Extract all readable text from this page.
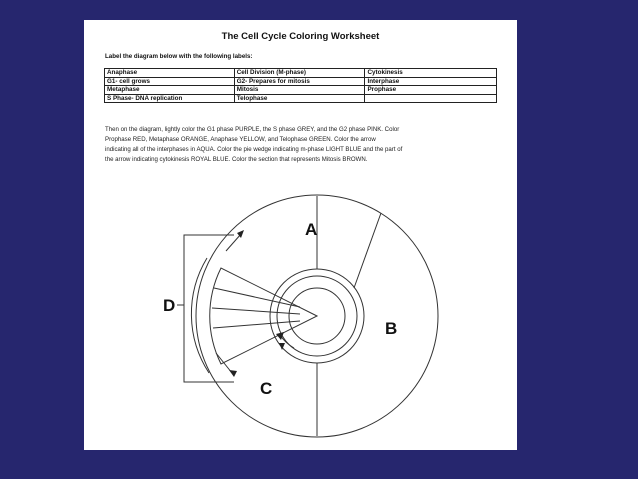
The Cell Cycle Coloring Worksheet
Label the diagram below with the following labels:
Anaphase	Cell Division (M-phase)	Cytokinesis
G1- cell grows	G2- Prepares for mitosis	Interphase
Metaphase	Mitosis	Prophase
S Phase- DNA replication	Telophase	
Then on the diagram, lightly color the G1 phase PURPLE, the S phase GREY, and the G2 phase PINK. Color
Prophase RED, Metaphase ORANGE, Anaphase YELLOW, and Telophase GREEN. Color the arrow
indicating all of the interphases in AQUA. Color the pie wedge indicating m-phase LIGHT BLUE and the part of
the arrow indicating cytokinesis ROYAL BLUE. Color the section that represents Mitosis BROWN.
A
B
C
D
